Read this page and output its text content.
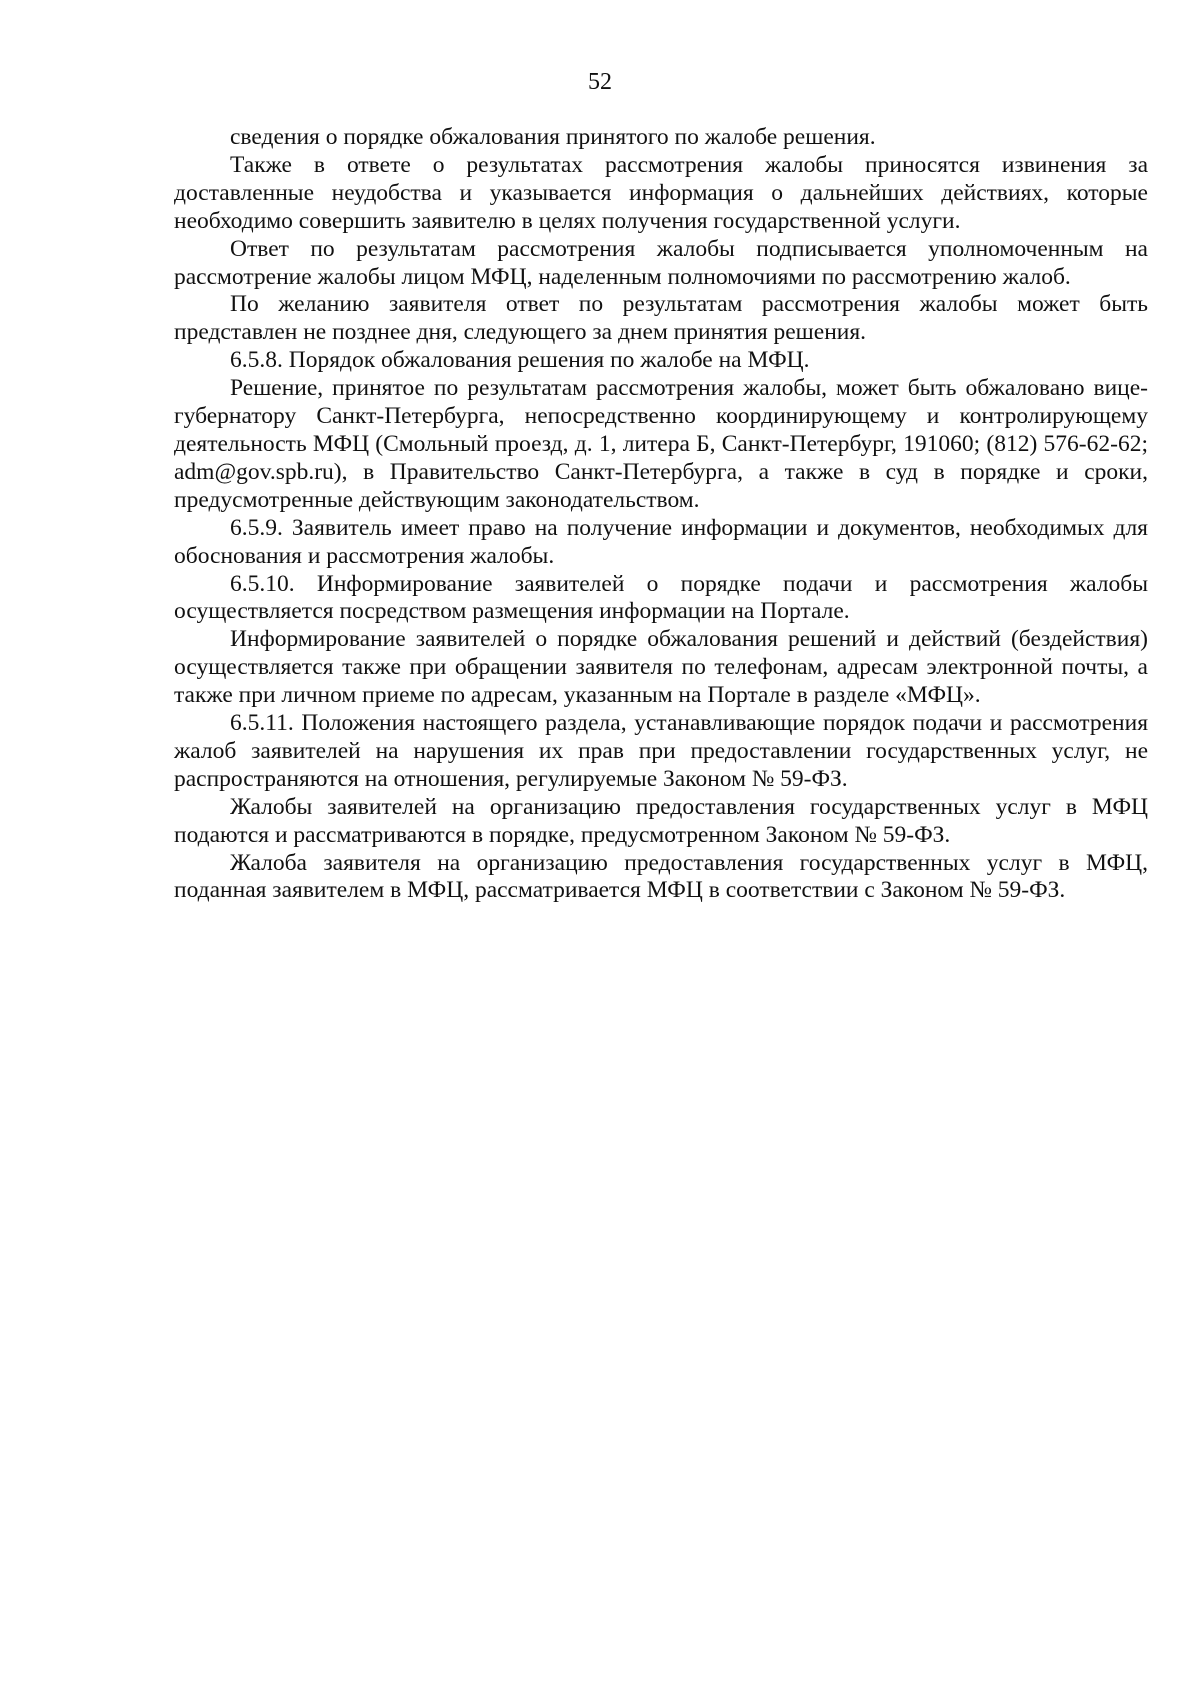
52

сведения о порядке обжалования принятого по жалобе решения.

Также в ответе о результатах рассмотрения жалобы приносятся извинения за доставленные неудобства и указывается информация о дальнейших действиях, которые необходимо совершить заявителю в целях получения государственной услуги.

Ответ по результатам рассмотрения жалобы подписывается уполномоченным на рассмотрение жалобы лицом МФЦ, наделенным полномочиями по рассмотрению жалоб.

По желанию заявителя ответ по результатам рассмотрения жалобы может быть представлен не позднее дня, следующего за днем принятия решения.

6.5.8. Порядок обжалования решения по жалобе на МФЦ.

Решение, принятое по результатам рассмотрения жалобы, может быть обжаловано вице-губернатору Санкт-Петербурга, непосредственно координирующему и контролирующему деятельность МФЦ (Смольный проезд, д. 1, литера Б, Санкт-Петербург, 191060; (812) 576-62-62; adm@gov.spb.ru), в Правительство Санкт-Петербурга, а также в суд в порядке и сроки, предусмотренные действующим законодательством.

6.5.9. Заявитель имеет право на получение информации и документов, необходимых для обоснования и рассмотрения жалобы.

6.5.10. Информирование заявителей о порядке подачи и рассмотрения жалобы осуществляется посредством размещения информации на Портале.

Информирование заявителей о порядке обжалования решений и действий (бездействия) осуществляется также при обращении заявителя по телефонам, адресам электронной почты, а также при личном приеме по адресам, указанным на Портале в разделе «МФЦ».

6.5.11. Положения настоящего раздела, устанавливающие порядок подачи и рассмотрения жалоб заявителей на нарушения их прав при предоставлении государственных услуг, не распространяются на отношения, регулируемые Законом № 59-ФЗ.

Жалобы заявителей на организацию предоставления государственных услуг в МФЦ подаются и рассматриваются в порядке, предусмотренном Законом № 59-ФЗ.

Жалоба заявителя на организацию предоставления государственных услуг в МФЦ, поданная заявителем в МФЦ, рассматривается МФЦ в соответствии с Законом № 59-ФЗ.
